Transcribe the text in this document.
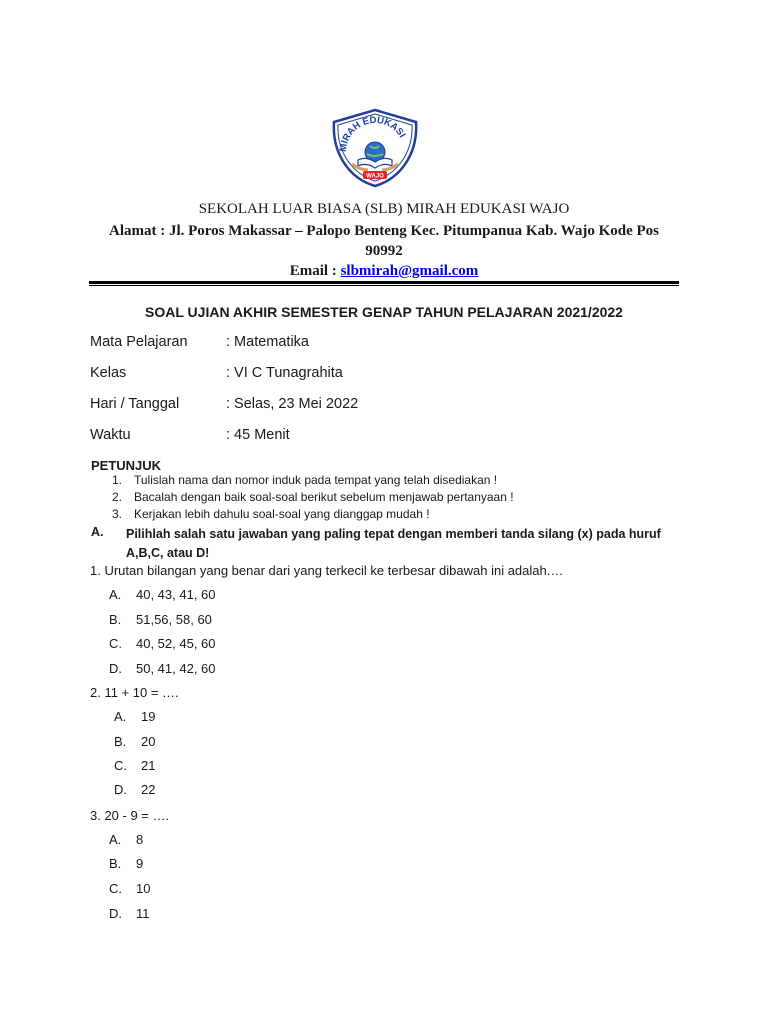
MIRAH EDUKASI
WAJO
SEKOLAH LUAR BIASA (SLB) MIRAH EDUKASI WAJO
Alamat : Jl. Poros Makassar – Palopo Benteng Kec. Pitumpanua Kab. Wajo Kode Pos 90992
Email : slbmirah@gmail.com
SOAL UJIAN AKHIR SEMESTER GENAP TAHUN PELAJARAN 2021/2022
Mata Pelajaran	: Matematika
Kelas	: VI C Tunagrahita
Hari / Tanggal	: Selas, 23 Mei 2022
Waktu	: 45 Menit
PETUNJUK
1. Tulislah nama dan nomor induk pada tempat yang telah disediakan !
2. Bacalah dengan baik soal-soal berikut sebelum menjawab pertanyaan !
3. Kerjakan lebih dahulu soal-soal yang dianggap mudah !
A. Pilihlah salah satu jawaban yang paling tepat dengan memberi tanda silang (x) pada huruf A,B,C, atau D!
1. Urutan bilangan yang benar dari yang terkecil ke terbesar dibawah ini adalah.…
A. 40, 43, 41, 60
B. 51,56, 58, 60
C. 40, 52, 45, 60
D. 50, 41, 42, 60
2. 11 + 10 = ….
A. 19
B. 20
C. 21
D. 22
3. 20 - 9 = ….
A. 8
B. 9
C. 10
D. 11
